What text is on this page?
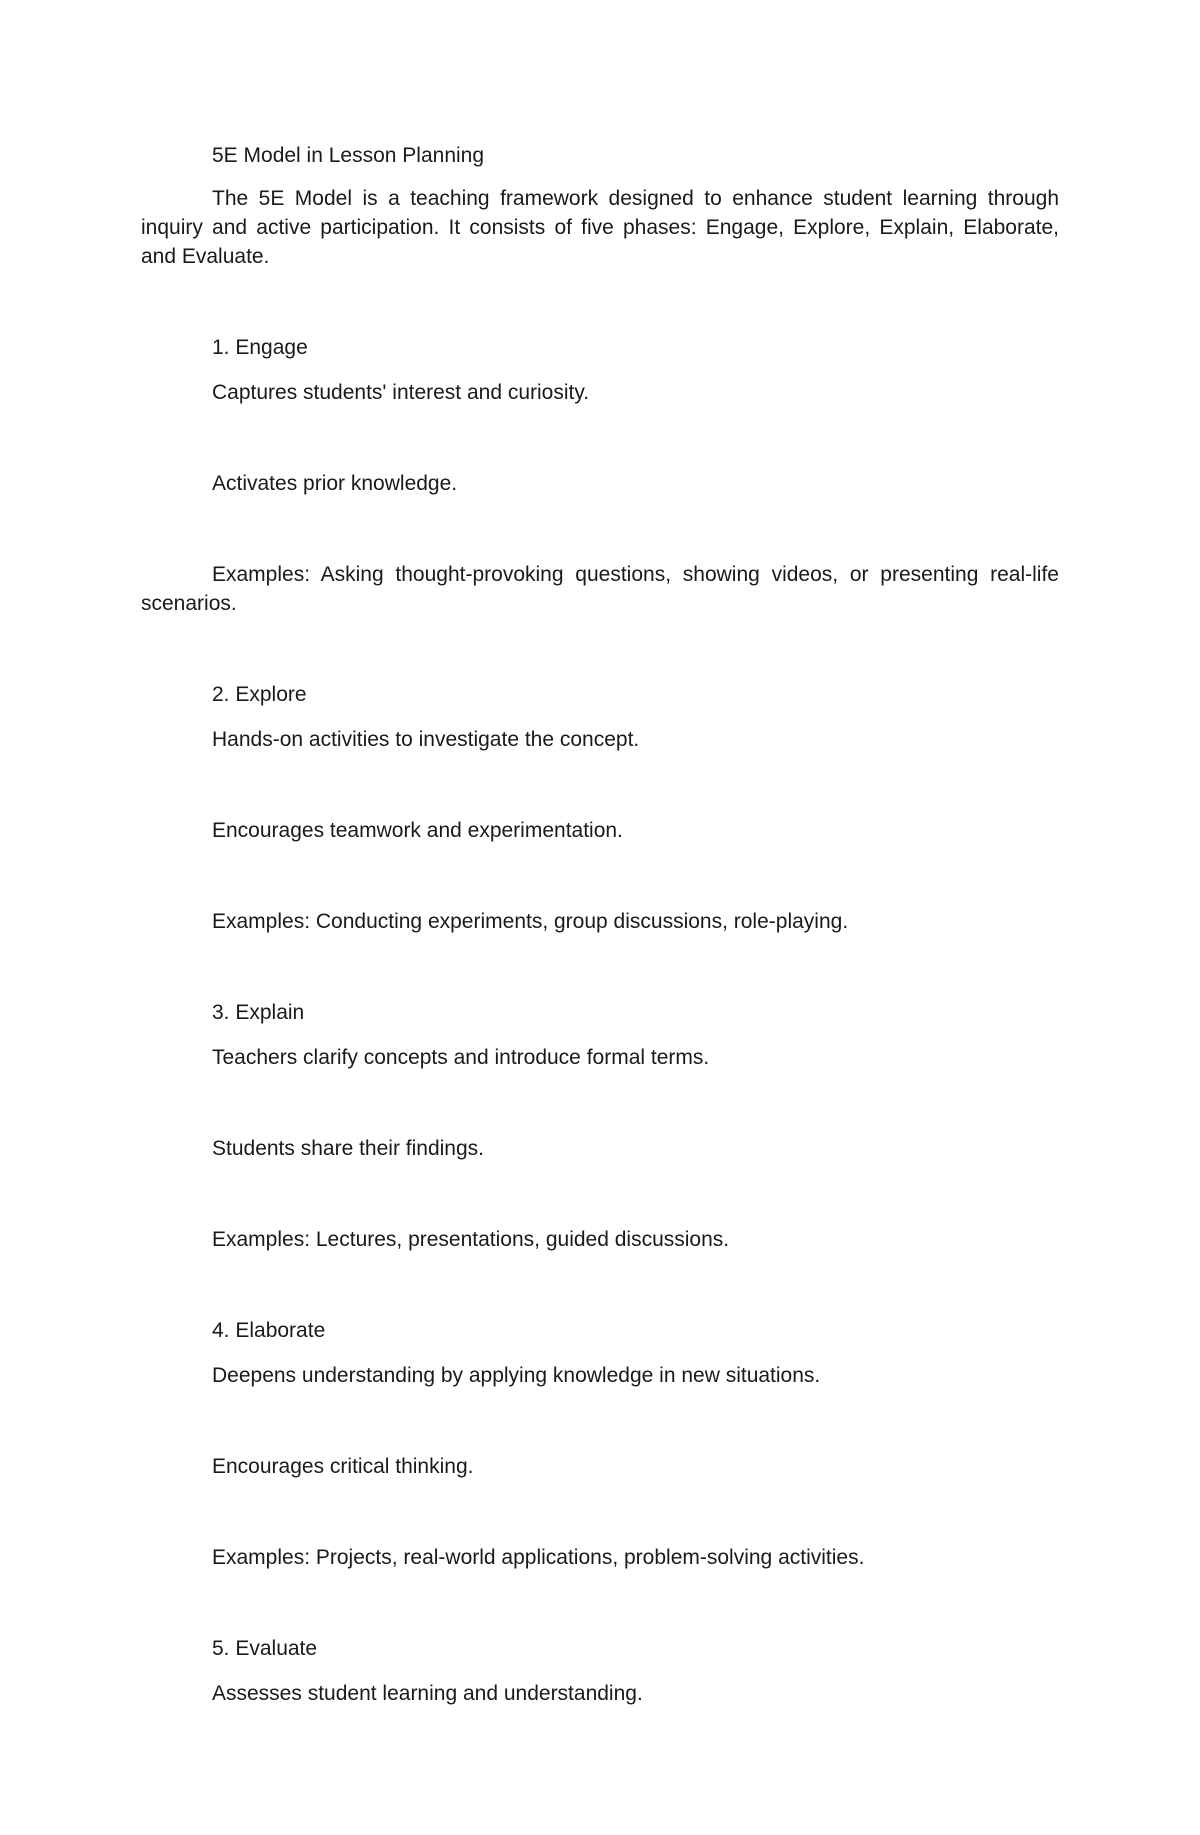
5E Model in Lesson Planning

The 5E Model is a teaching framework designed to enhance student learning through inquiry and active participation. It consists of five phases: Engage, Explore, Explain, Elaborate, and Evaluate.

1. Engage

Captures students' interest and curiosity.

Activates prior knowledge.

Examples: Asking thought-provoking questions, showing videos, or presenting real-life scenarios.

2. Explore

Hands-on activities to investigate the concept.

Encourages teamwork and experimentation.

Examples: Conducting experiments, group discussions, role-playing.

3. Explain

Teachers clarify concepts and introduce formal terms.

Students share their findings.

Examples: Lectures, presentations, guided discussions.

4. Elaborate

Deepens understanding by applying knowledge in new situations.

Encourages critical thinking.

Examples: Projects, real-world applications, problem-solving activities.

5. Evaluate

Assesses student learning and understanding.
